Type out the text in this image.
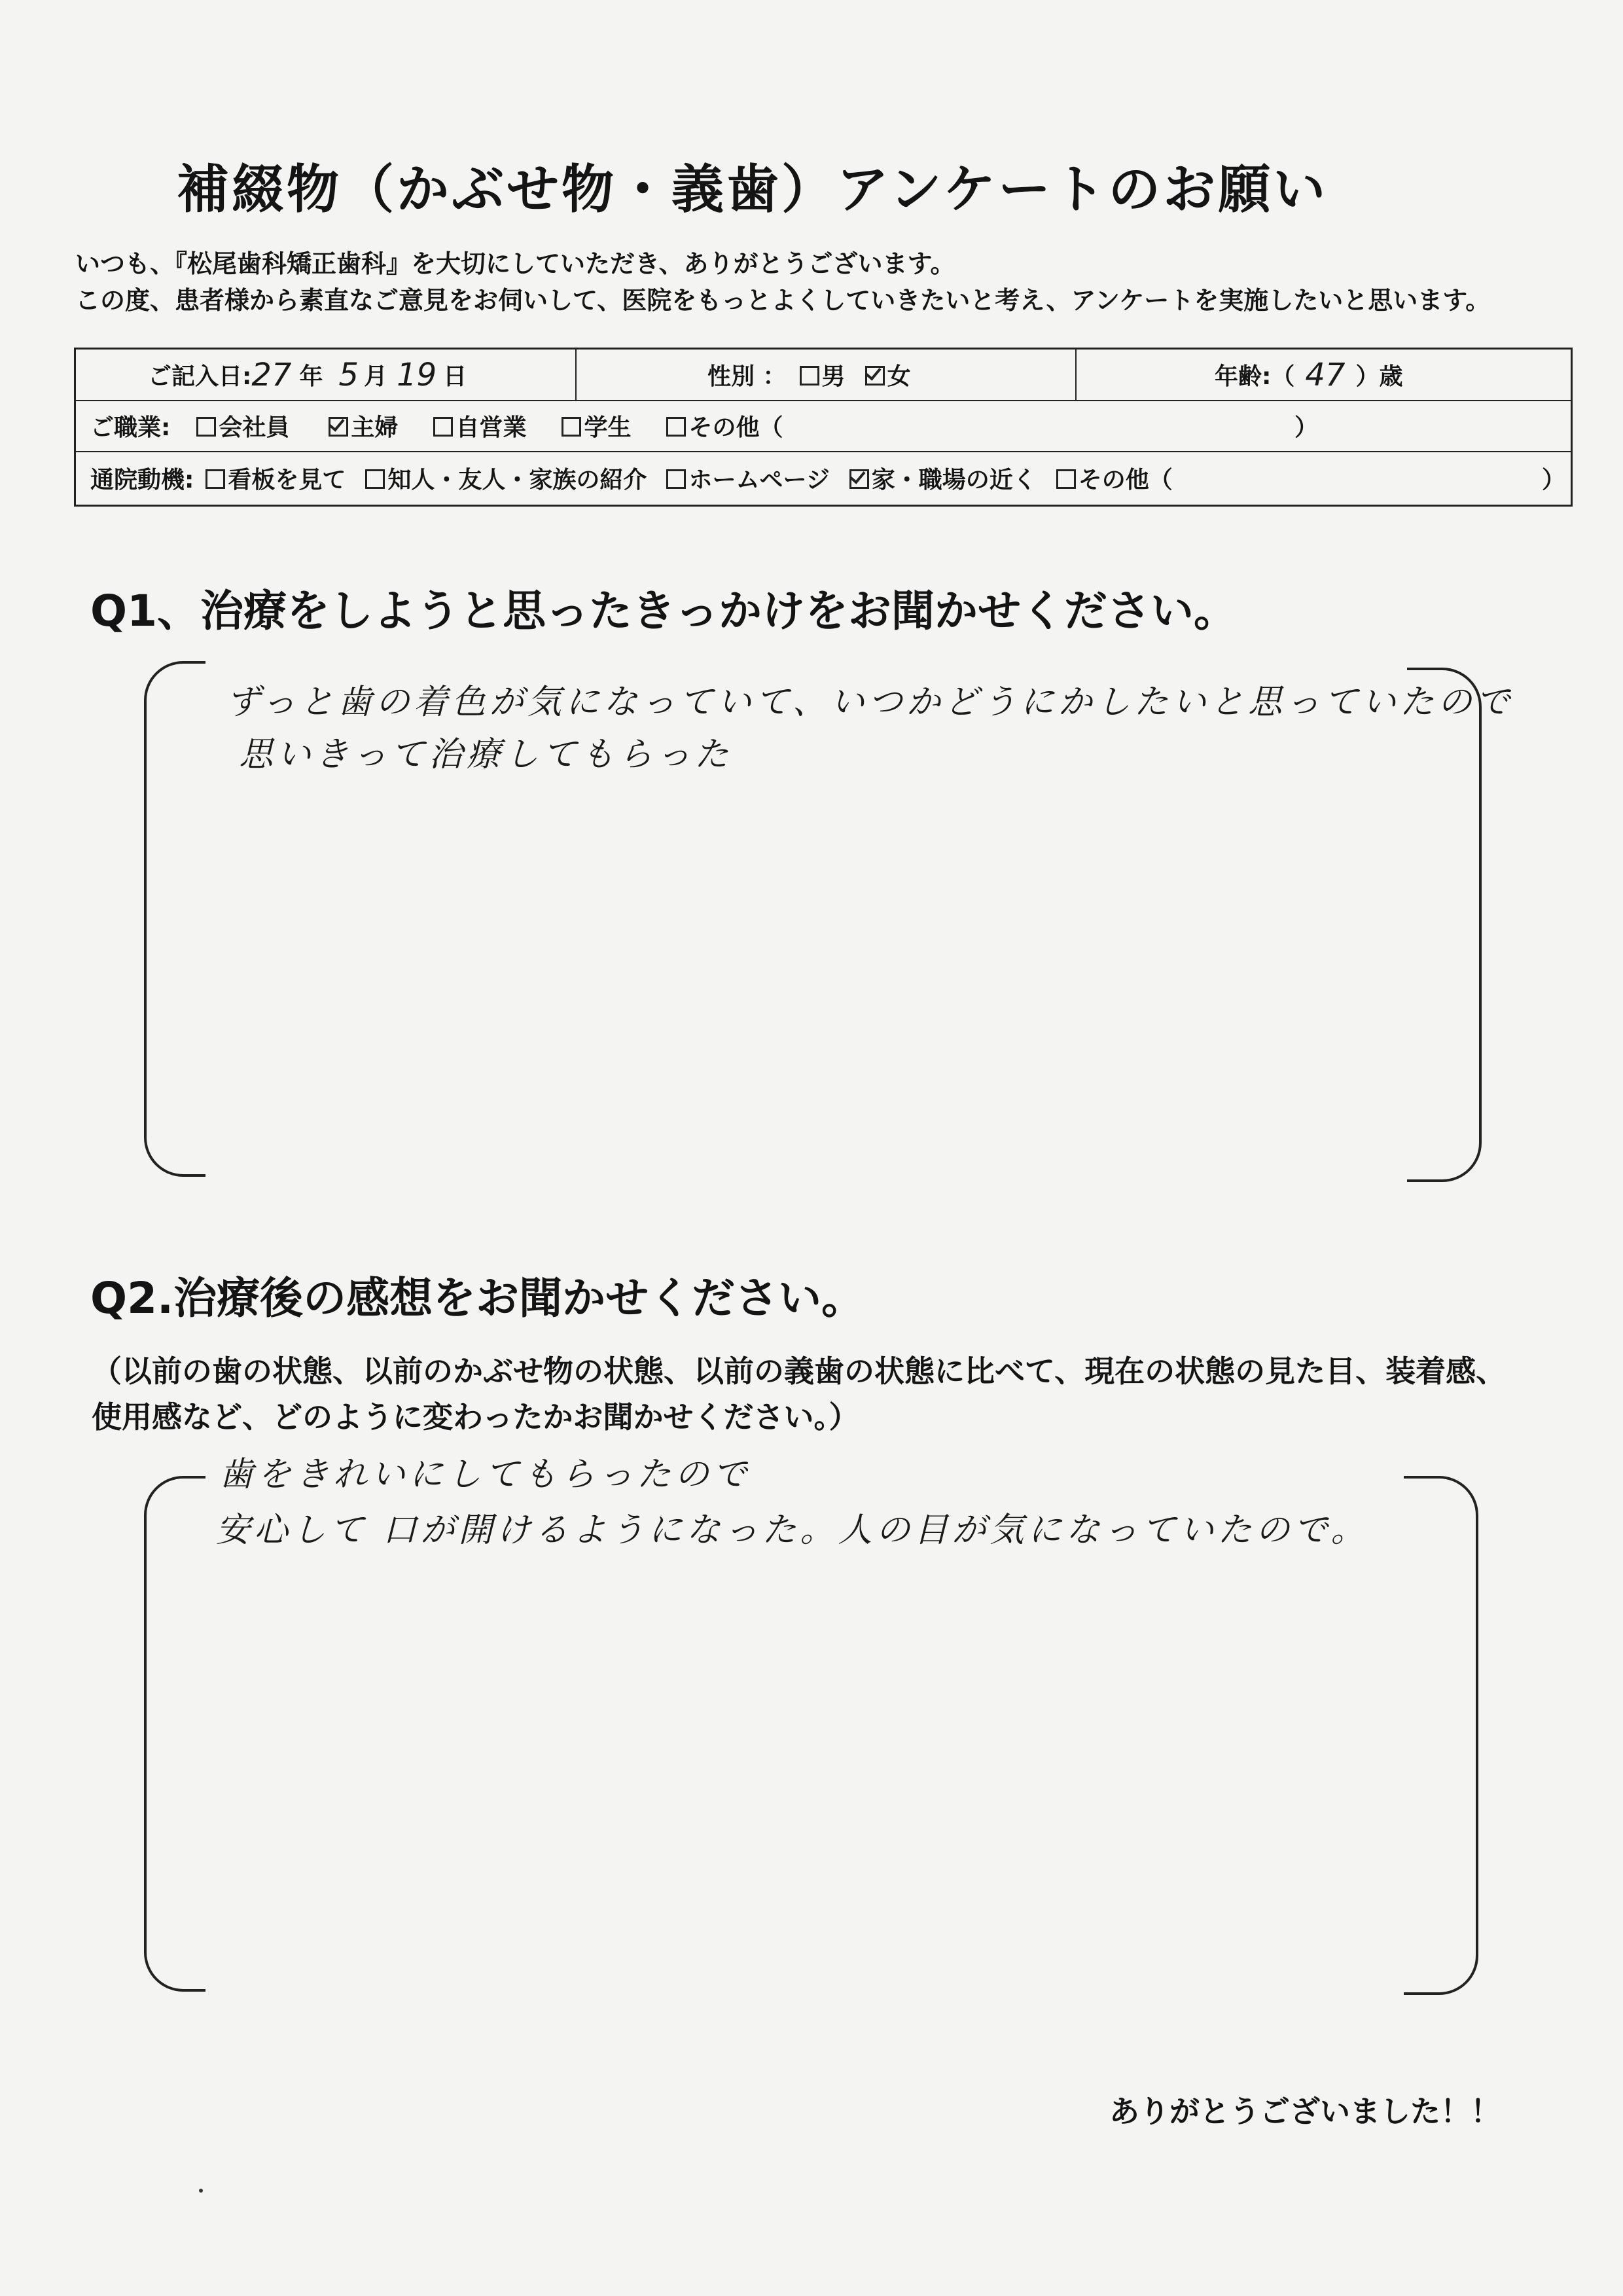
補綴物（かぶせ物・義歯）アンケートのお願い
いつも、『松尾歯科矯正歯科』を大切にしていただき、ありがとうございます。
この度、患者様から素直なご意見をお伺いして、医院をもっとよくしていきたいと考え、アンケートを実施したいと思います。
ご記入日: 27 年 5 月 19 日	性別 ：	男	女	年齢:（ 47 ）歳
ご職業:	会社員	主婦	自営業	学生	その他（	）
通院動機:	看板を見て	知人・友人・家族の紹介	ホームページ	家・職場の近く	その他（	）
Q1、治療をしようと思ったきっかけをお聞かせください。
ずっと歯の着色が気になっていて、いつかどうにかしたいと思っていたので
思いきって治療してもらった
Q2.治療後の感想をお聞かせください。
（以前の歯の状態、以前のかぶせ物の状態、以前の義歯の状態に比べて、現在の状態の見た目、装着感、使用感など、どのように変わったかお聞かせください。）
歯をきれいにしてもらったので
安心して 口が開けるようになった。人の目が気になっていたので。
ありがとうございました！！
